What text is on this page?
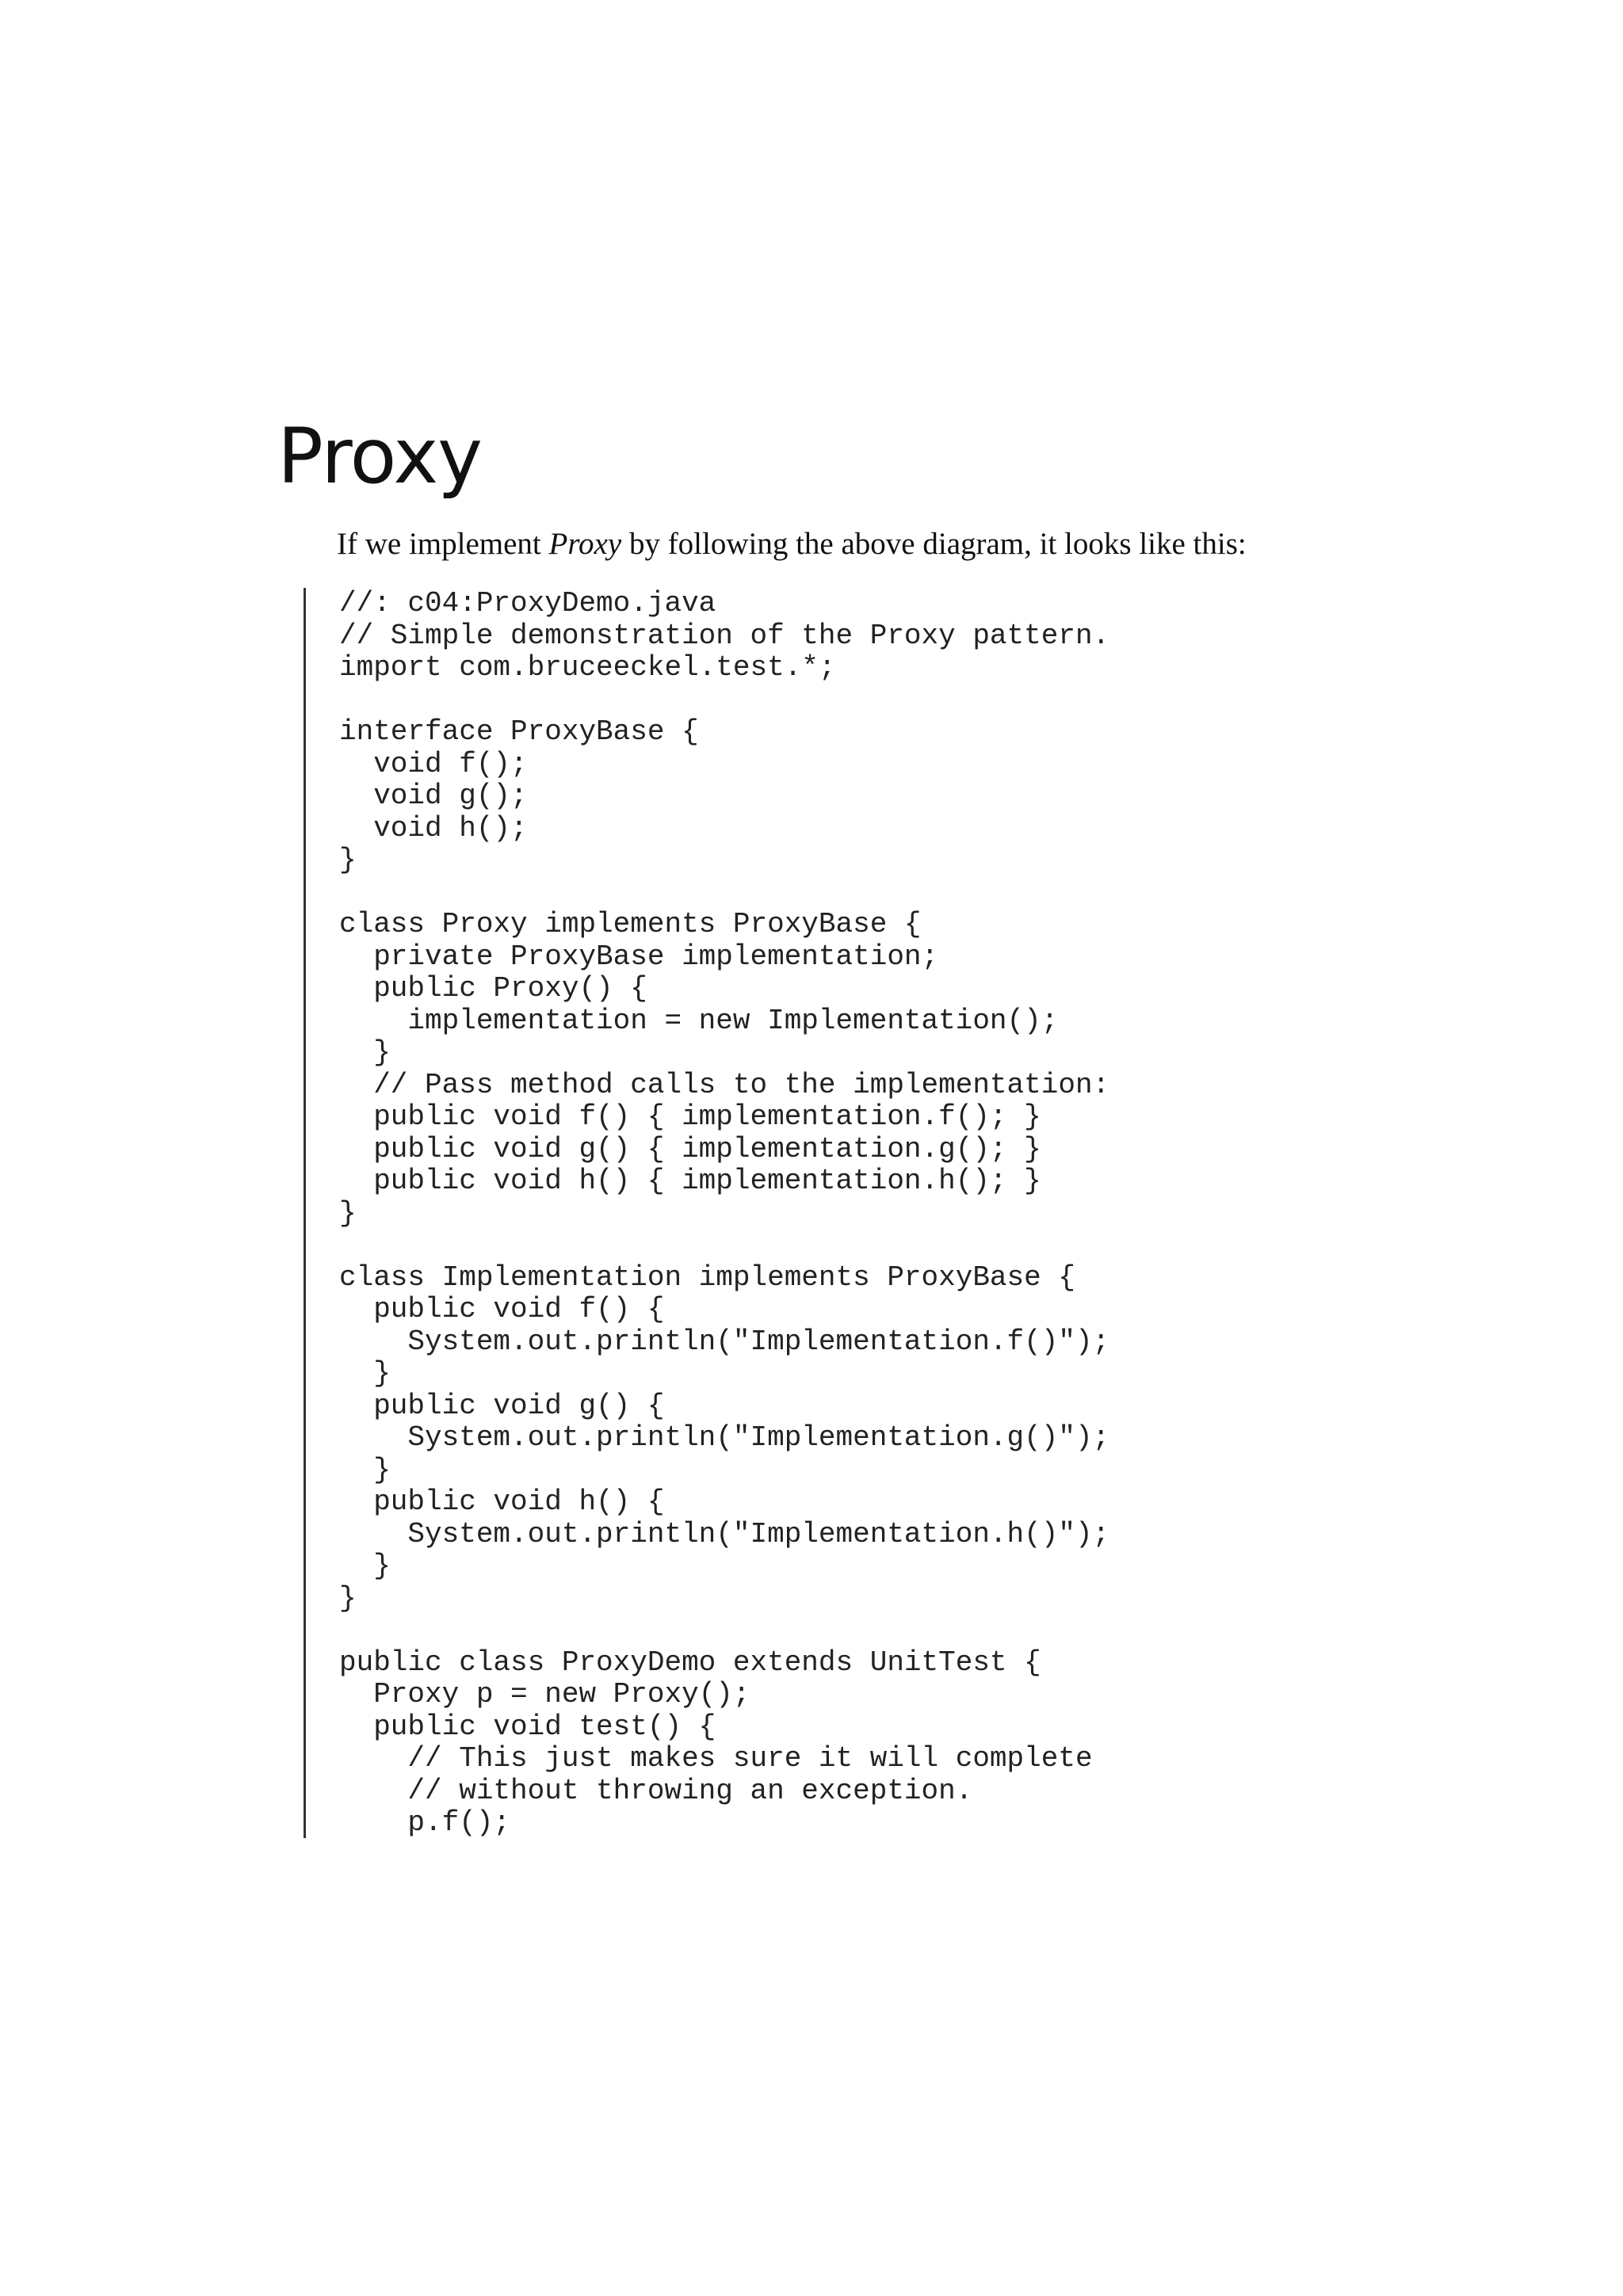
Proxy

If we implement Proxy by following the above diagram, it looks like this:

//: c04:ProxyDemo.java
// Simple demonstration of the Proxy pattern.
import com.bruceeckel.test.*;
interface ProxyBase {
void f();
void g();
void h();
}
class Proxy implements ProxyBase {
private ProxyBase implementation;
public Proxy() {
implementation = new Implementation();
}
// Pass method calls to the implementation:
public void f() { implementation.f(); }
public void g() { implementation.g(); }
public void h() { implementation.h(); }
}
class Implementation implements ProxyBase {
public void f() {
System.out.println("Implementation.f()");
}
public void g() {
System.out.println("Implementation.g()");
}
public void h() {
System.out.println("Implementation.h()");
}
}
public class ProxyDemo extends UnitTest {
Proxy p = new Proxy();
public void test() {
// This just makes sure it will complete
// without throwing an exception.
p.f();
